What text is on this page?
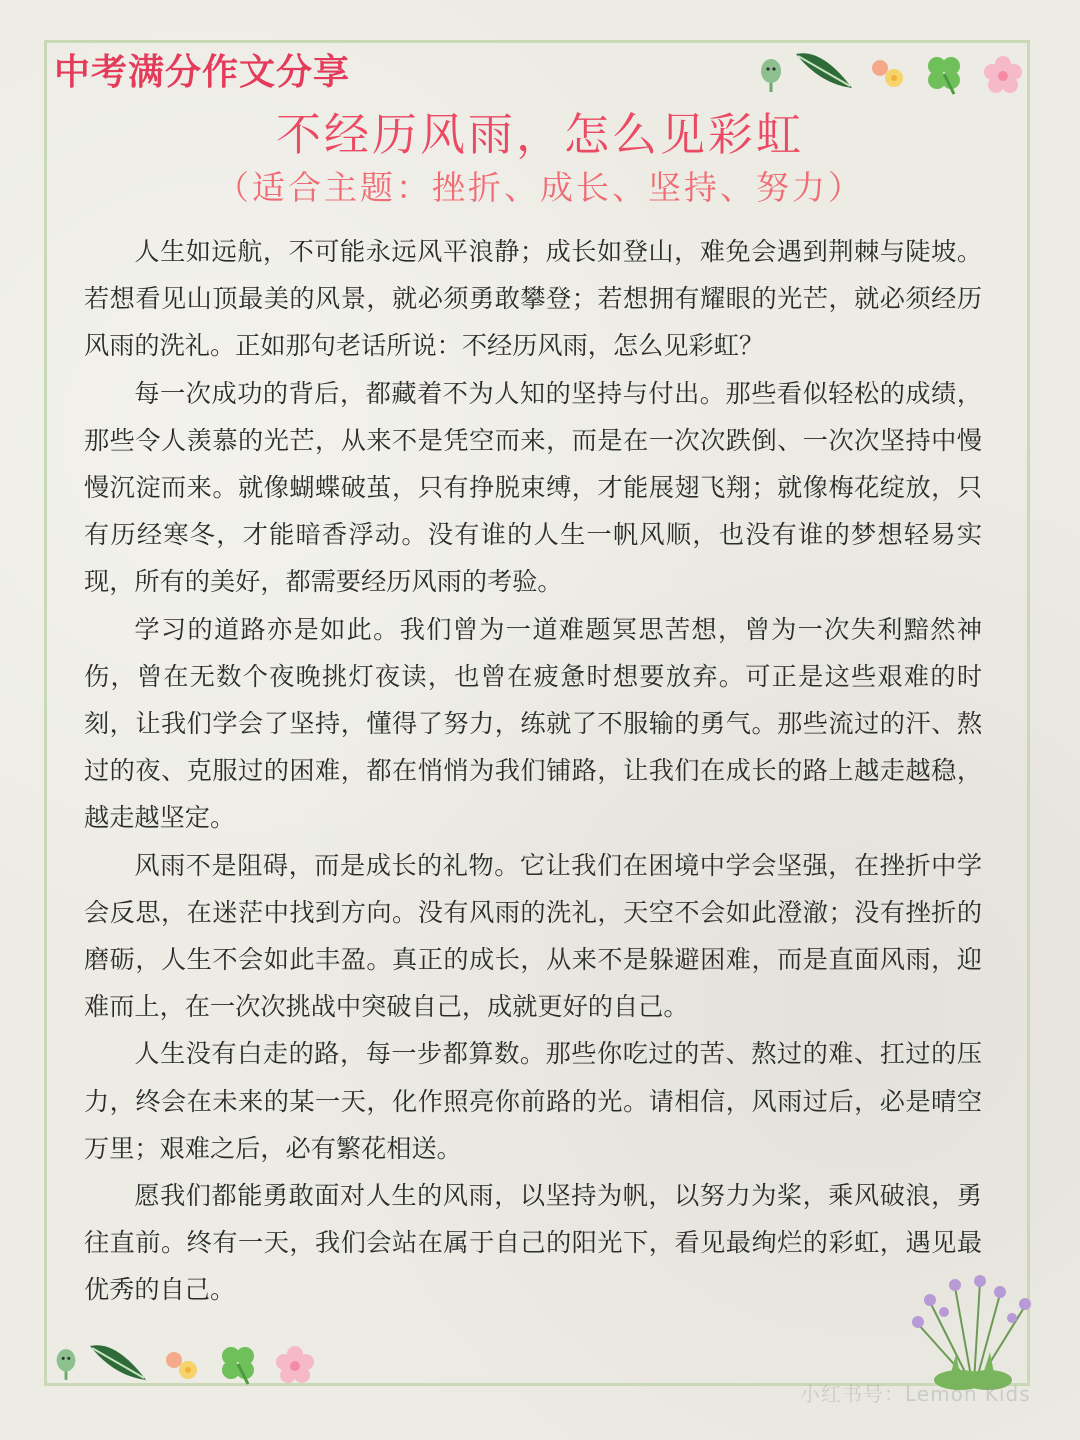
中考满分作文分享
不经历风雨，怎么见彩虹
（适合主题：挫折、成长、坚持、努力）

人生如远航，不可能永远风平浪静；成长如登山，难免会遇到荆棘与陡坡。若想看见山顶最美的风景，就必须勇敢攀登；若想拥有耀眼的光芒，就必须经历风雨的洗礼。正如那句老话所说：不经历风雨，怎么见彩虹？

每一次成功的背后，都藏着不为人知的坚持与付出。那些看似轻松的成绩，那些令人羡慕的光芒，从来不是凭空而来，而是在一次次跌倒、一次次坚持中慢慢沉淀而来。就像蝴蝶破茧，只有挣脱束缚，才能展翅飞翔；就像梅花绽放，只有历经寒冬，才能暗香浮动。没有谁的人生一帆风顺，也没有谁的梦想轻易实现，所有的美好，都需要经历风雨的考验。

学习的道路亦是如此。我们曾为一道难题冥思苦想，曾为一次失利黯然神伤，曾在无数个夜晚挑灯夜读，也曾在疲惫时想要放弃。可正是这些艰难的时刻，让我们学会了坚持，懂得了努力，练就了不服输的勇气。那些流过的汗、熬过的夜、克服过的困难，都在悄悄为我们铺路，让我们在成长的路上越走越稳，越走越坚定。

风雨不是阻碍，而是成长的礼物。它让我们在困境中学会坚强，在挫折中学会反思，在迷茫中找到方向。没有风雨的洗礼，天空不会如此澄澈；没有挫折的磨砺，人生不会如此丰盈。真正的成长，从来不是躲避困难，而是直面风雨，迎难而上，在一次次挑战中突破自己，成就更好的自己。

人生没有白走的路，每一步都算数。那些你吃过的苦、熬过的难、扛过的压力，终会在未来的某一天，化作照亮你前路的光。请相信，风雨过后，必是晴空万里；艰难之后，必有繁花相送。

愿我们都能勇敢面对人生的风雨，以坚持为帆，以努力为桨，乘风破浪，勇往直前。终有一天，我们会站在属于自己的阳光下，看见最绚烂的彩虹，遇见最优秀的自己。

小红书号：Lemon Kids
